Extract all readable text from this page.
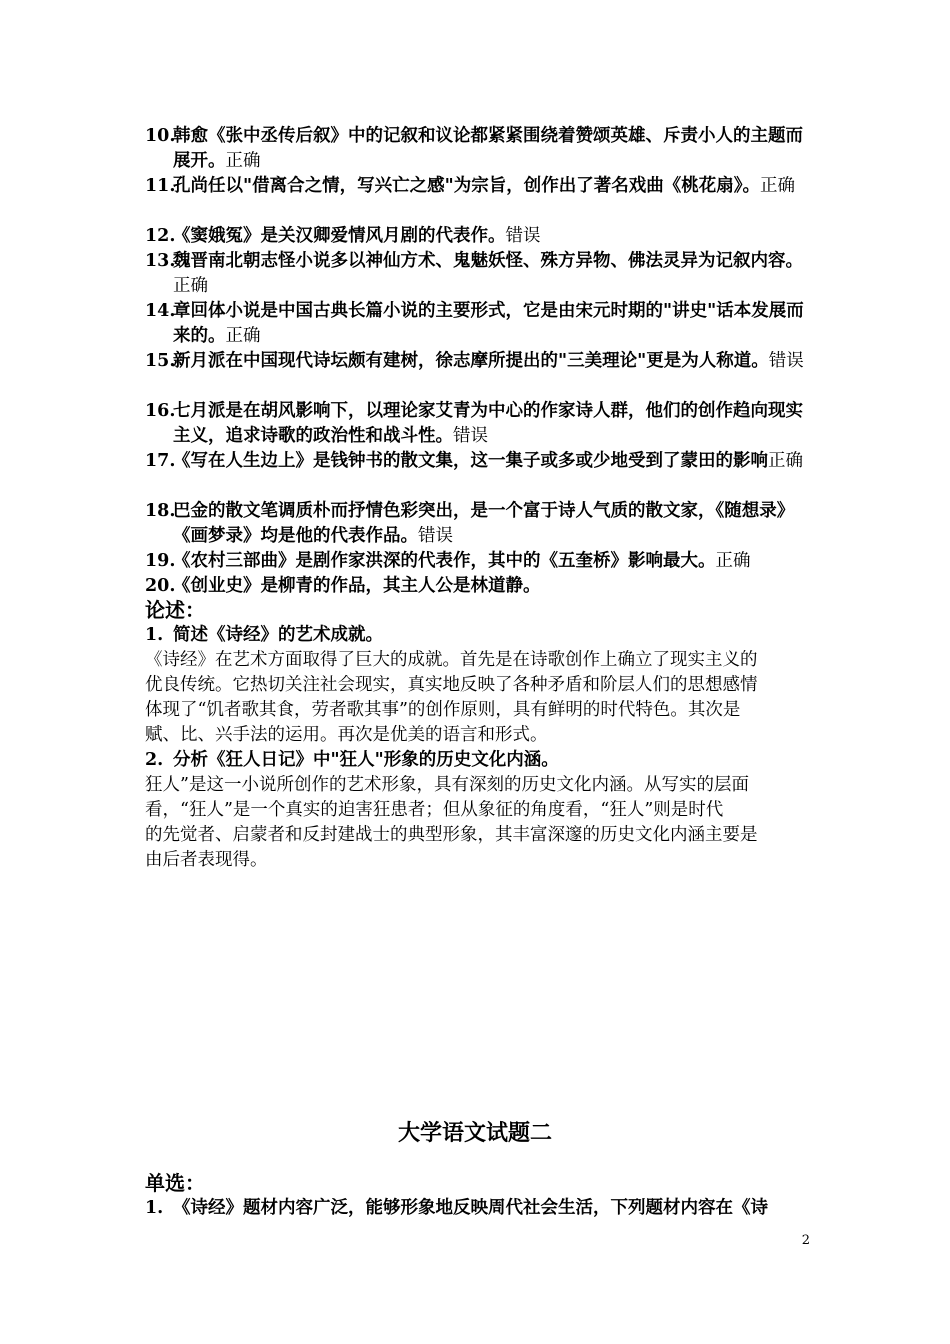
10.
韩愈《张中丞传后叙》中的记叙和议论都紧紧围绕着赞颂英雄、斥责小人的主题而展开。正确
11.
孔尚任以"借离合之情，写兴亡之感"为宗旨，创作出了著名戏曲《桃花扇》。正确
12.
《窦娥冤》是关汉卿爱情风月剧的代表作。错误
13.
魏晋南北朝志怪小说多以神仙方术、鬼魅妖怪、殊方异物、佛法灵异为记叙内容。正确
14.
章回体小说是中国古典长篇小说的主要形式，它是由宋元时期的"讲史"话本发展而来的。正确
15.
新月派在中国现代诗坛颇有建树，徐志摩所提出的"三美理论"更是为人称道。错误
16.
七月派是在胡风影响下，以理论家艾青为中心的作家诗人群，他们的创作趋向现实主义，追求诗歌的政治性和战斗性。错误
17.
《写在人生边上》是钱钟书的散文集，这一集子或多或少地受到了蒙田的影响正确
18.
巴金的散文笔调质朴而抒情色彩突出，是一个富于诗人气质的散文家，《随想录》《画梦录》均是他的代表作品。错误
19.
《农村三部曲》是剧作家洪深的代表作，其中的《五奎桥》影响最大。正确
20.
《创业史》是柳青的作品，其主人公是林道静。
论述：
1. 简述《诗经》的艺术成就。
《诗经》在艺术方面取得了巨大的成就。首先是在诗歌创作上确立了现实主义的
优良传统。它热切关注社会现实，真实地反映了各种矛盾和阶层人们的思想感情
体现了“饥者歌其食，劳者歌其事”的创作原则，具有鲜明的时代特色。其次是
赋、比、兴手法的运用。再次是优美的语言和形式。
2. 分析《狂人日记》中"狂人"形象的历史文化内涵。
狂人”是这一小说所创作的艺术形象，具有深刻的历史文化内涵。从写实的层面
看，“狂人”是一个真实的迫害狂患者；但从象征的角度看，“狂人”则是时代
的先觉者、启蒙者和反封建战士的典型形象，其丰富深邃的历史文化内涵主要是
由后者表现得。
大学语文试题二
单选：
1. 《诗经》题材内容广泛，能够形象地反映周代社会生活，下列题材内容在《诗
2
